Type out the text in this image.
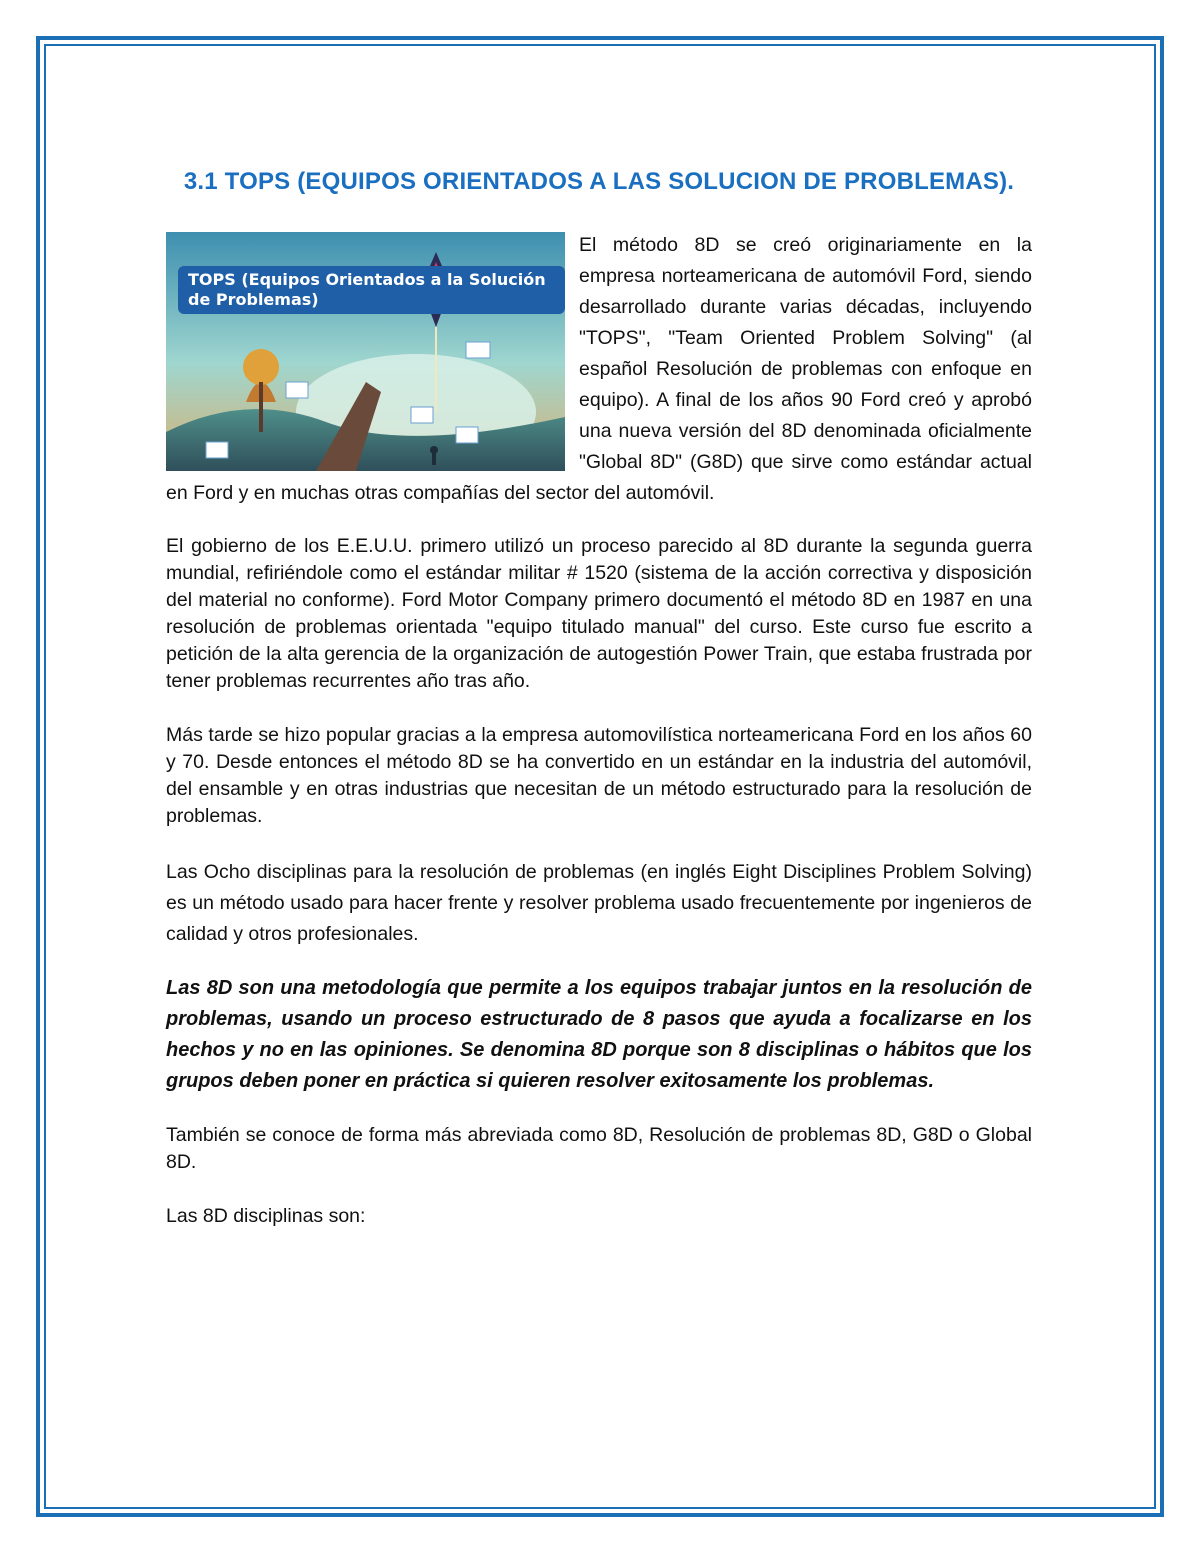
3.1 TOPS (EQUIPOS ORIENTADOS A LAS SOLUCION DE PROBLEMAS).
TOPS (Equipos Orientados a la Solución de Problemas)

El método 8D se creó originariamente en la empresa norteamericana de automóvil Ford, siendo desarrollado durante varias décadas, incluyendo "TOPS", "Team Oriented Problem Solving" (al español Resolución de problemas con enfoque en equipo). A final de los años 90 Ford creó y aprobó una nueva versión del 8D denominada oficialmente "Global 8D" (G8D) que sirve como estándar actual en Ford y en muchas otras compañías del sector del automóvil.

El gobierno de los E.E.U.U. primero utilizó un proceso parecido al 8D durante la segunda guerra mundial, refiriéndole como el estándar militar # 1520 (sistema de la acción correctiva y disposición del material no conforme). Ford Motor Company primero documentó el método 8D en 1987 en una resolución de problemas orientada "equipo titulado manual" del curso. Este curso fue escrito a petición de la alta gerencia de la organización de autogestión Power Train, que estaba frustrada por tener problemas recurrentes año tras año.

Más tarde se hizo popular gracias a la empresa automovilística norteamericana Ford en los años 60 y 70. Desde entonces el método 8D se ha convertido en un estándar en la industria del automóvil, del ensamble y en otras industrias que necesitan de un método estructurado para la resolución de problemas.

Las Ocho disciplinas para la resolución de problemas (en inglés Eight Disciplines Problem Solving) es un método usado para hacer frente y resolver problema usado frecuentemente por ingenieros de calidad y otros profesionales.

Las 8D son una metodología que permite a los equipos trabajar juntos en la resolución de problemas, usando un proceso estructurado de 8 pasos que ayuda a focalizarse en los hechos y no en las opiniones. Se denomina 8D porque son 8 disciplinas o hábitos que los grupos deben poner en práctica si quieren resolver exitosamente los problemas.

También se conoce de forma más abreviada como 8D, Resolución de problemas 8D, G8D o Global 8D.

Las 8D disciplinas son:
